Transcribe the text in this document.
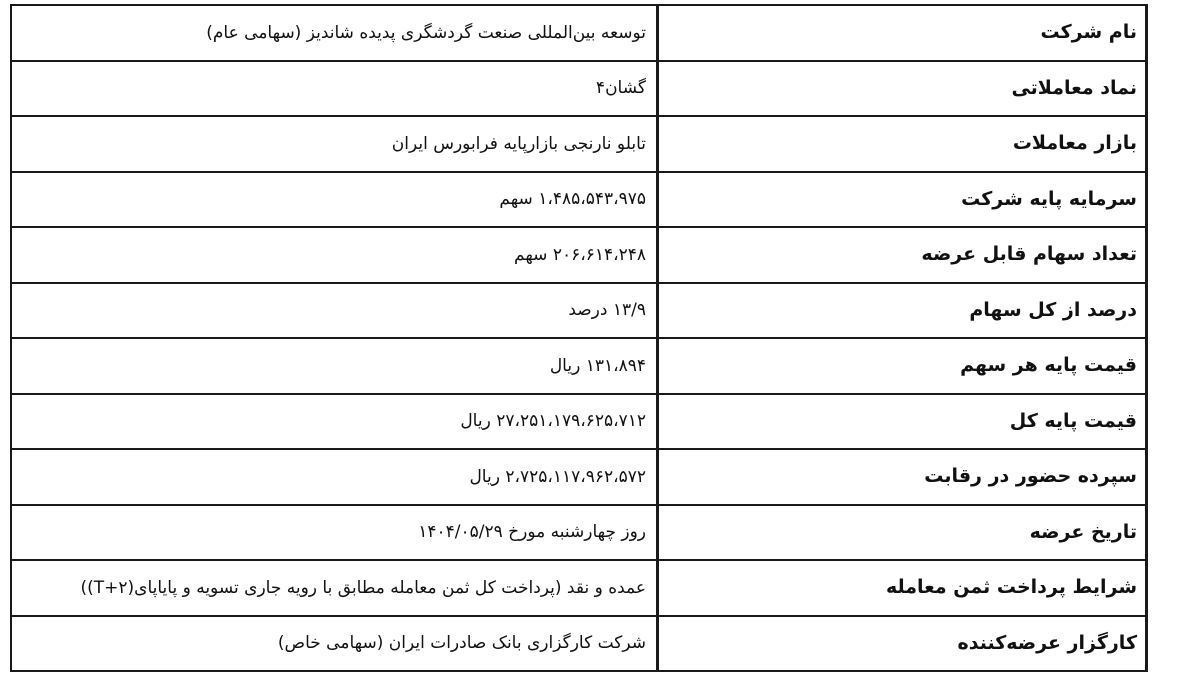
نام شرکت	توسعه بین‌المللی صنعت گردشگری پدیده شاندیز (سهامی عام)
نماد معاملاتی	گشان۴
بازار معاملات	تابلو نارنجی بازارپایه فرابورس ایران
سرمایه پایه شرکت	۱،۴۸۵،۵۴۳،۹۷۵ سهم
تعداد سهام قابل عرضه	۲۰۶،۶۱۴،۲۴۸ سهم
درصد از کل سهام	۱۳/۹ درصد
قیمت پایه هر سهم	۱۳۱،۸۹۴ ریال
قیمت پایه کل	۲۷،۲۵۱،۱۷۹،۶۲۵،۷۱۲ ریال
سپرده حضور در رقابت	۲،۷۲۵،۱۱۷،۹۶۲،۵۷۲ ریال
تاریخ عرضه	روز چهارشنبه مورخ ۱۴۰۴/۰۵/۲۹
شرایط پرداخت ثمن معامله	عمده و نقد (پرداخت کل ثمن معامله مطابق با رویه جاری تسویه و پایاپای(۲+T))
کارگزار عرضه‌کننده	شرکت کارگزاری بانک صادرات ایران (سهامی خاص)
